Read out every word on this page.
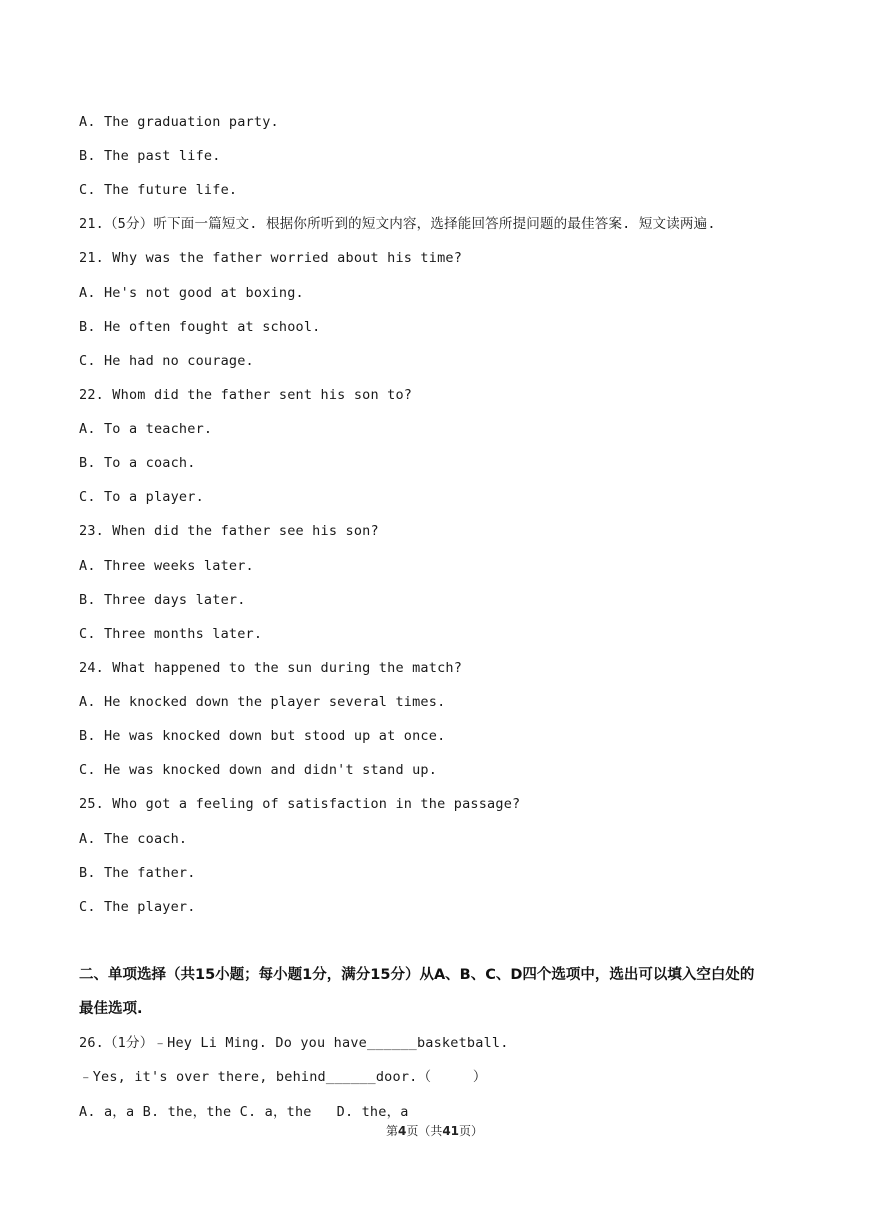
A. The graduation party.
B. The past life.
C. The future life.
21.（5分）听下面一篇短文. 根据你所听到的短文内容，选择能回答所提问题的最佳答案. 短文读两遍.
21. Why was the father worried about his time?
A. He's not good at boxing.
B. He often fought at school.
C. He had no courage.
22. Whom did the father sent his son to?
A. To a teacher.
B. To a coach.
C. To a player.
23. When did the father see his son?
A. Three weeks later.
B. Three days later.
C. Three months later.
24. What happened to the sun during the match?
A. He knocked down the player several times.
B. He was knocked down but stood up at once.
C. He was knocked down and didn't stand up.
25. Who got a feeling of satisfaction in the passage?
A. The coach.
B. The father.
C. The player.
二、单项选择（共15小题；每小题1分，满分15分）从A、B、C、D四个选项中，选出可以填入空白处的
最佳选项.
26.（1分）﹣Hey Li Ming. Do you have______basketball.
﹣Yes, it's over there, behind______door.（     ）
A. a，a B. the，the C. a，the   D. the，a
第4页（共41页）
